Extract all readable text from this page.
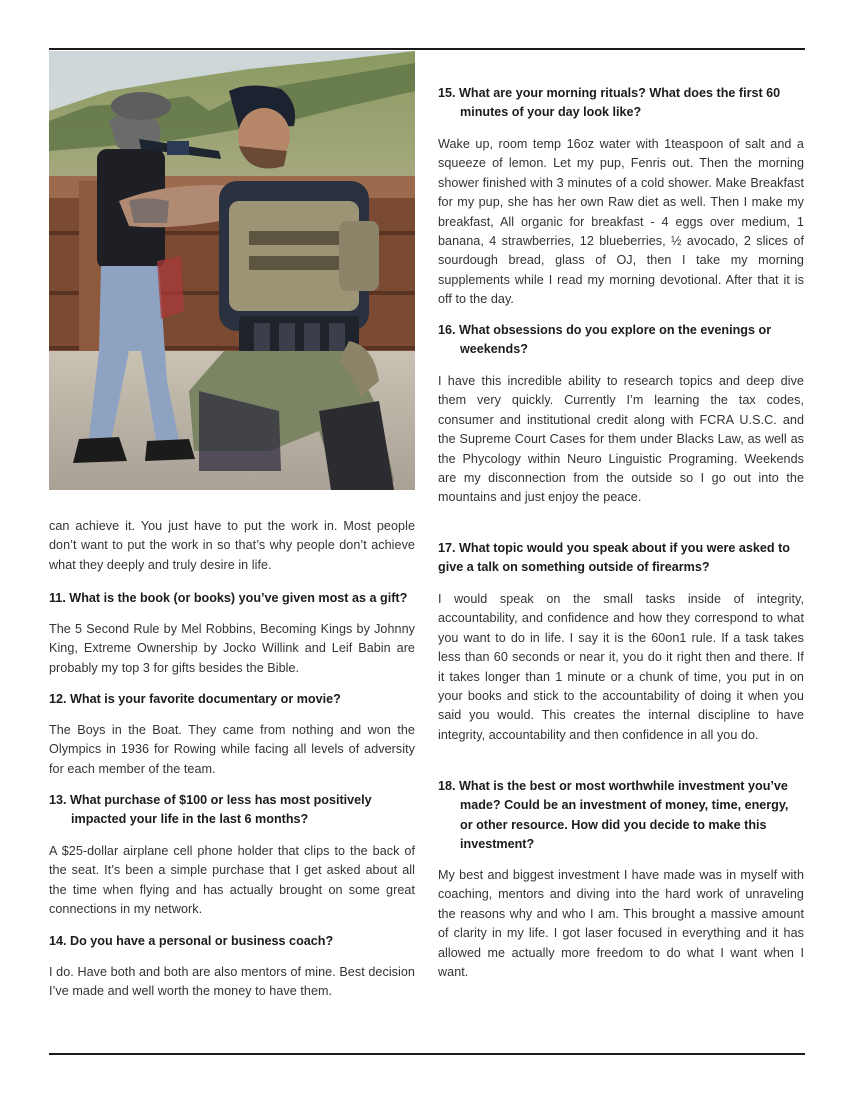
can achieve it. You just have to put the work in. Most people don’t want to put the work in so that’s why people don’t achieve what they deeply and truly desire in life.

11. What is the book (or books) you’ve given most as a gift?

The 5 Second Rule by Mel Robbins, Becoming Kings by Johnny King, Extreme Ownership by Jocko Willink and Leif Babin are probably my top 3 for gifts besides the Bible.

12. What is your favorite documentary or movie?

The Boys in the Boat. They came from nothing and won the Olympics in 1936 for Rowing while facing all levels of adversity for each member of the team.

13. What purchase of $100 or less has most positively impacted your life in the last 6 months?

A $25-dollar airplane cell phone holder that clips to the back of the seat. It’s been a simple purchase that I get asked about all the time when flying and has actually brought on some great connections in my network.

14. Do you have a personal or business coach?

I do. Have both and both are also mentors of mine. Best decision I’ve made and well worth the money to have them.

15. What are your morning rituals? What does the first 60 minutes of your day look like?

Wake up, room temp 16oz water with 1teaspoon of salt and a squeeze of lemon. Let my pup, Fenris out. Then the morning shower finished with 3 minutes of a cold shower. Make Breakfast for my pup, she has her own Raw diet as well. Then I make my breakfast, All organic for breakfast - 4 eggs over medium, 1 banana, 4 strawberries, 12 blueberries, ½ avocado, 2 slices of sourdough bread, glass of OJ, then I take my morning supplements while I read my morning devotional. After that it is off to the day.

16. What obsessions do you explore on the evenings or weekends?

I have this incredible ability to research topics and deep dive them very quickly. Currently I’m learning the tax codes, consumer and institutional credit along with FCRA U.S.C. and the Supreme Court Cases for them under Blacks Law, as well as the Phycology within Neuro Linguistic Programing. Weekends are my disconnection from the outside so I go out into the mountains and just enjoy the peace.

17. What topic would you speak about if you were asked to give a talk on something outside of firearms?

I would speak on the small tasks inside of integrity, accountability, and confidence and how they correspond to what you want to do in life. I say it is the 60on1 rule. If a task takes less than 60 seconds or near it, you do it right then and there. If it takes longer than 1 minute or a chunk of time, you put in on your books and stick to the accountability of doing it when you said you would. This creates the internal discipline to have integrity, accountability and then confidence in all you do.

18. What is the best or most worthwhile investment you’ve made? Could be an investment of money, time, energy, or other resource. How did you decide to make this investment?

My best and biggest investment I have made was in myself with coaching, mentors and diving into the hard work of unraveling the reasons why and who I am. This brought a massive amount of clarity in my life. I got laser focused in everything and it has allowed me actually more freedom to do what I want when I want.
